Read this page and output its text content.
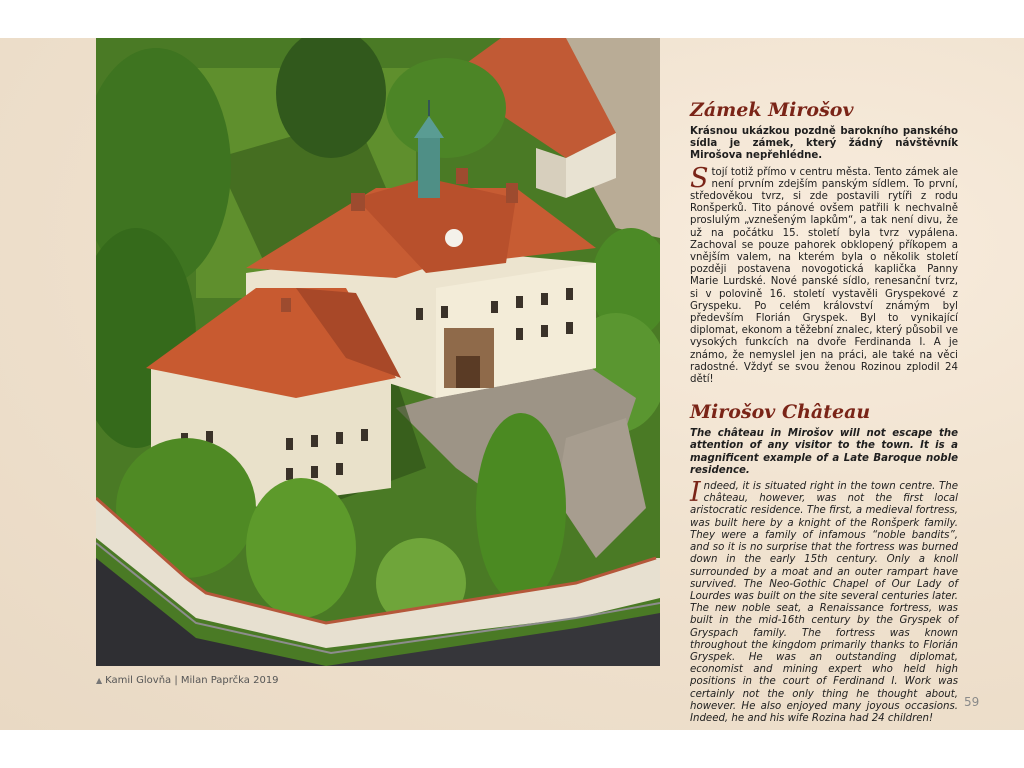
▲ Kamil Glovňa | Milan Paprčka 2019
Zámek Mirošov

Krásnou ukázkou pozdně barokního panského sídla je zámek, který žádný návštěvník Mirošova nepřehlédne.

Stojí totiž přímo v centru města. Tento zámek ale není prvním zdejším panským sídlem. To první, středověkou tvrz, si zde postavili rytíři z rodu Ronšperků. Tito pánové ovšem patřili k nechvalně proslulým „vznešeným lapkům“, a tak není divu, že už na počátku 15. století byla tvrz vypálena. Zachoval se pouze pahorek obklopený příkopem a vnějším valem, na kterém byla o několik století později postavena novogotická kaplička Panny Marie Lurdské. Nové panské sídlo, renesanční tvrz, si v polovině 16. století vystavěli Gryspekové z Gryspeku. Po celém království známým byl především Florián Gryspek. Byl to vynikající diplomat, ekonom a těžební znalec, který působil ve vysokých funkcích na dvoře Ferdinanda I. A je známo, že nemyslel jen na práci, ale také na věci radostné. Vždyť se svou ženou Rozinou zplodil 24 dětí!

Mirošov Château

The château in Mirošov will not escape the attention of any visitor to the town. It is a magnificent example of a Late Baroque noble residence.

Indeed, it is situated right in the town centre. The château, however, was not the first local aristocratic residence. The first, a medieval fortress, was built here by a knight of the Ronšperk family. They were a family of infamous “noble bandits”, and so it is no surprise that the fortress was burned down in the early 15th century. Only a knoll surrounded by a moat and an outer rampart have survived. The Neo-Gothic Chapel of Our Lady of Lourdes was built on the site several centuries later. The new noble seat, a Renaissance fortress, was built in the mid-16th century by the Gryspek of Gryspach family. The fortress was known throughout the kingdom primarily thanks to Florián Gryspek. He was an outstanding diplomat, economist and mining expert who held high positions in the court of Ferdinand I. Work was certainly not the only thing he thought about, however. He also enjoyed many joyous occasions. Indeed, he and his wife Rozina had 24 children!

59
